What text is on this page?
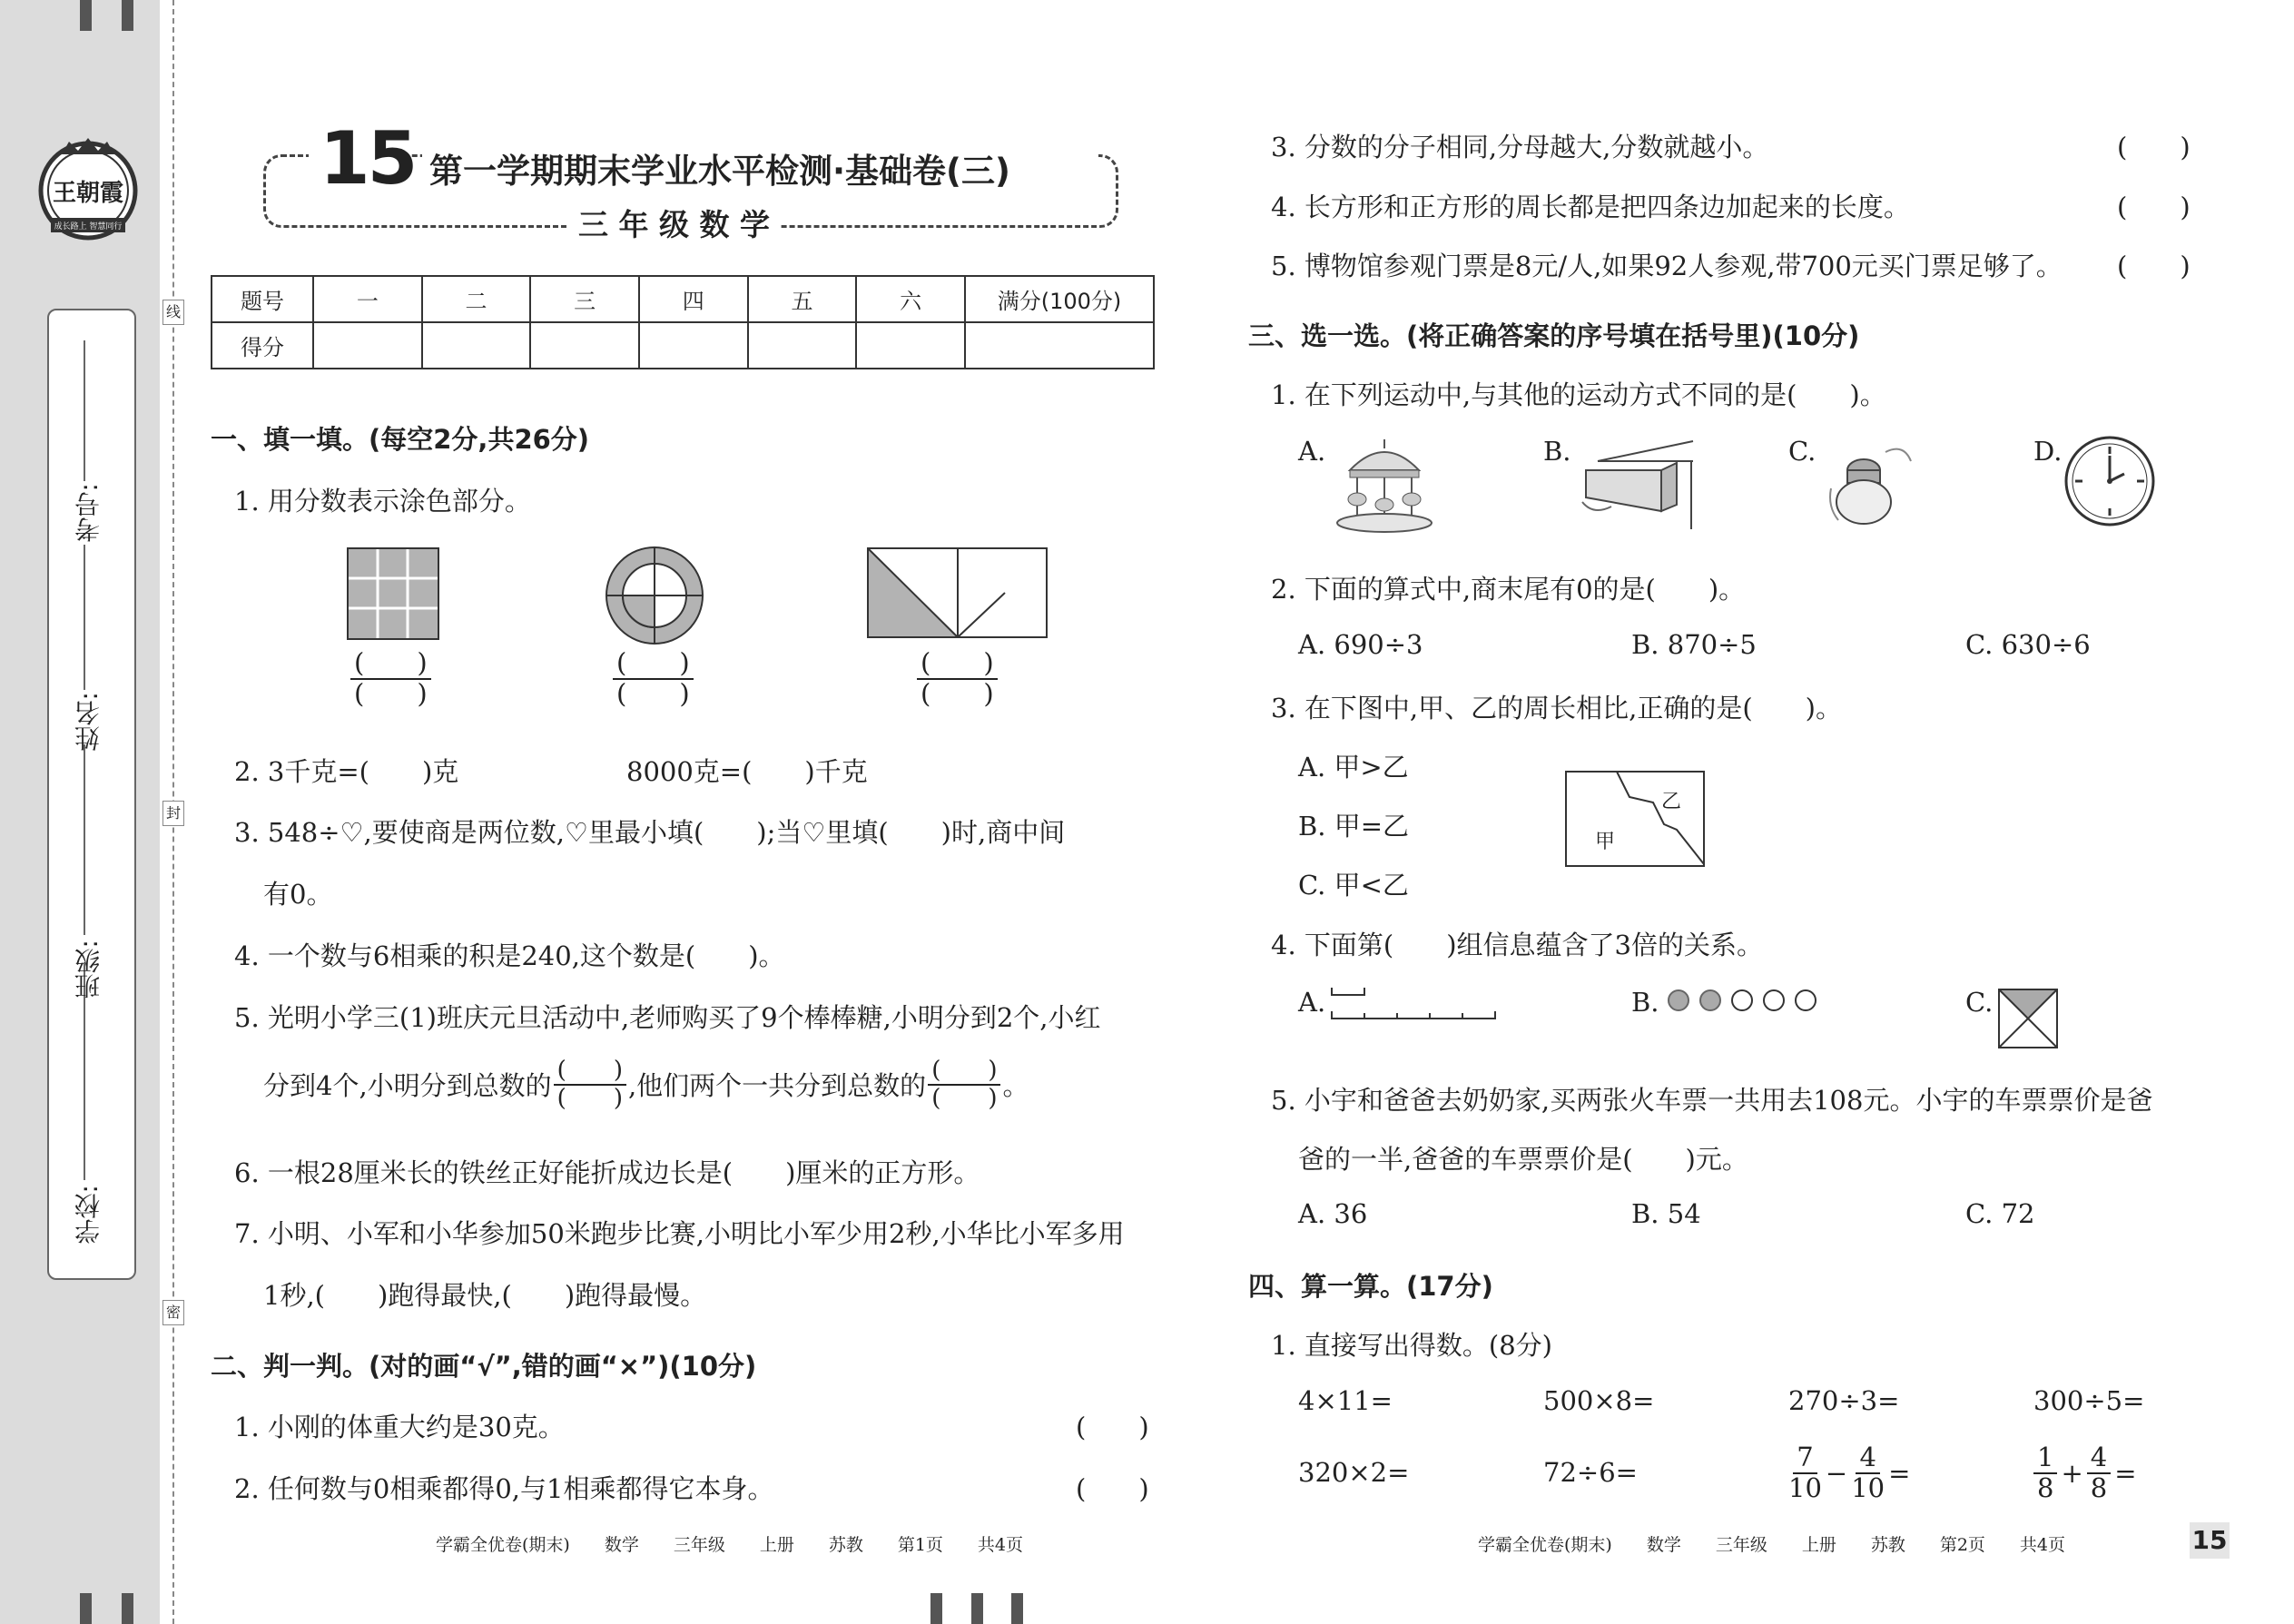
王朝霞
成长路上 智慧同行
学校:
班级:
姓名:
考号:
线
封
密
15 第一学期期末学业水平检测·基础卷(三)
三 年 级 数 学
题号	一	二	三	四	五	六	满分(100分)
得分							
一、填一填。(每空2分,共26分)
1. 用分数表示涂色部分。
(　　)
(　　)
(　　)
(　　)
(　　)
(　　)
2. 3千克=(　　)克	8000克=(　　)千克
3. 548÷♡,要使商是两位数,♡里最小填(　　);当♡里填(　　)时,商中间
有0。
4. 一个数与6相乘的积是240,这个数是(　　)。
5. 光明小学三(1)班庆元旦活动中,老师购买了9个棒棒糖,小明分到2个,小红
分到4个,小明分到总数的 $\frac{( )}{( )}$ ,他们两个一共分到总数的 $\frac{( )}{( )}$ 。
6. 一根28厘米长的铁丝正好能折成边长是(　　)厘米的正方形。
7. 小明、小军和小华参加50米跑步比赛,小明比小军少用2秒,小华比小军多用
1秒,(　　)跑得最快,(　　)跑得最慢。
二、判一判。(对的画“√”,错的画“×”)(10分)
1. 小刚的体重大约是30克。	(　　)
2. 任何数与0相乘都得0,与1相乘都得它本身。	(　　)
学霸全优卷(期末)　　数学　　三年级　　上册　　苏教　　第1页　　共4页
3. 分数的分子相同,分母越大,分数就越小。	(　　)
4. 长方形和正方形的周长都是把四条边加起来的长度。	(　　)
5. 博物馆参观门票是8元/人,如果92人参观,带700元买门票足够了。 (　　)
三、选一选。(将正确答案的序号填在括号里)(10分)
1. 在下列运动中,与其他的运动方式不同的是(　　)。
A.	B.	C.	D.
2. 下面的算式中,商末尾有0的是(　　)。
A. 690÷3	B. 870÷5	C. 630÷6
3. 在下图中,甲、乙的周长相比,正确的是(　　)。
A. 甲>乙
B. 甲=乙
C. 甲<乙
乙
甲
4. 下面第(　　)组信息蕴含了3倍的关系。
A.	B.	C.
5. 小宇和爸爸去奶奶家,买两张火车票一共用去108元。小宇的车票票价是爸
爸的一半,爸爸的车票票价是(　　)元。
A. 36	B. 54	C. 72
四、算一算。(17分)
1. 直接写出得数。(8分)
4×11=	500×8=	270÷3=	300÷5=
320×2=	72÷6=	$\frac{7}{10} - \frac{4}{10}$ =	$\frac{1}{8} + \frac{4}{8}$ =
学霸全优卷(期末)　　数学　　三年级　　上册　　苏教　　第2页　　共4页	15
